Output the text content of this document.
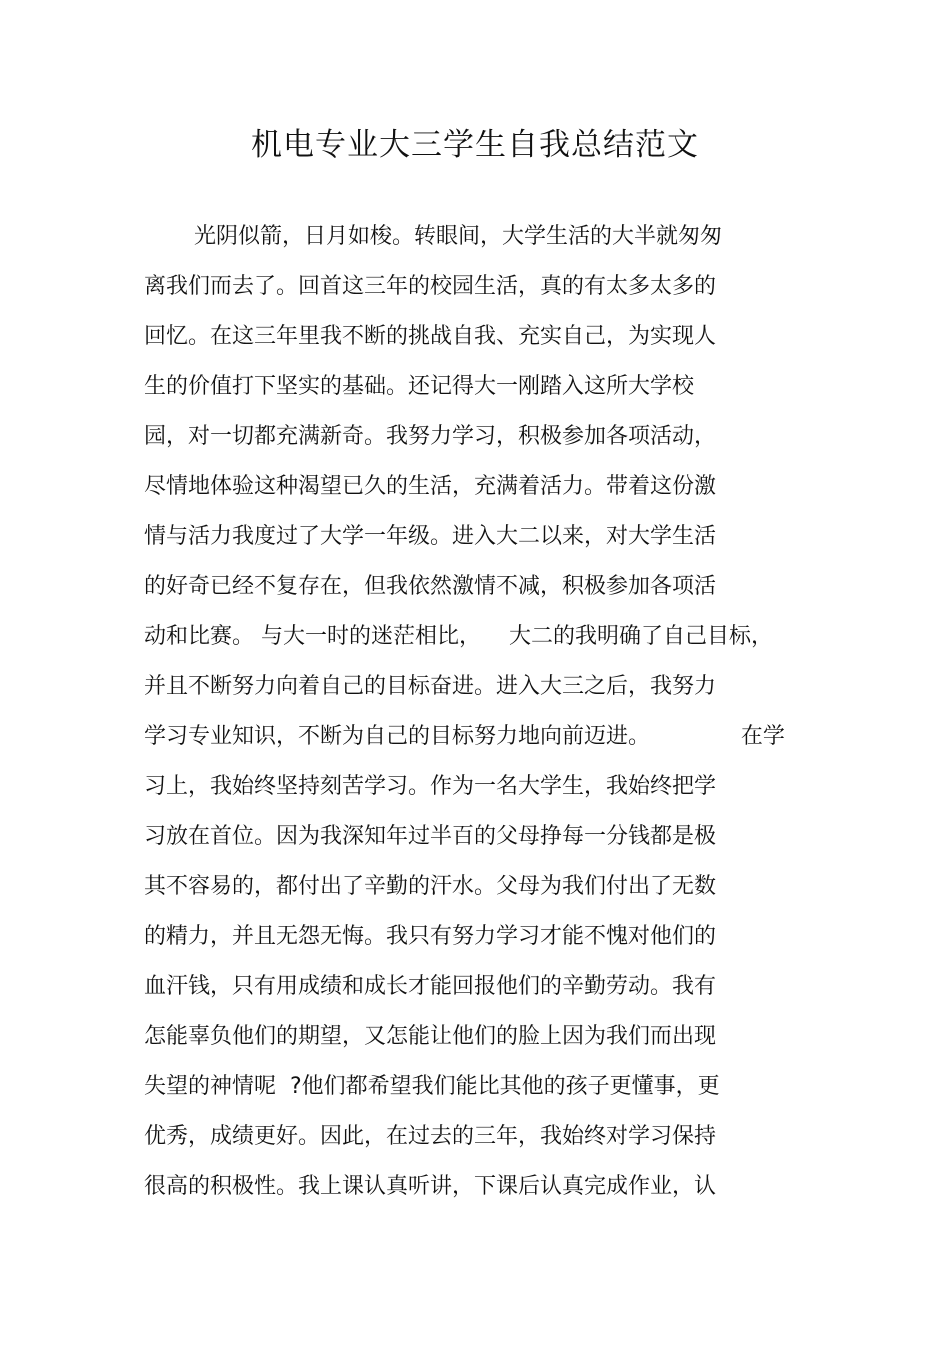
机电专业大三学生自我总结范文
光阴似箭，日月如梭。转眼间，大学生活的大半就匆匆
离我们而去了。回首这三年的校园生活，真的有太多太多的
回忆。在这三年里我不断的挑战自我、充实自己，为实现人
生的价值打下坚实的基础。还记得大一刚踏入这所大学校
园，对一切都充满新奇。我努力学习，积极参加各项活动，
尽情地体验这种渴望已久的生活，充满着活力。带着这份激
情与活力我度过了大学一年级。进入大二以来，对大学生活
的好奇已经不复存在，但我依然激情不减，积极参加各项活
动和比赛。 与大一时的迷茫相比，    大二的我明确了自己目标，
并且不断努力向着自己的目标奋进。进入大三之后，我努力
学习专业知识，不断为自己的目标努力地向前迈进。             在学
习上，我始终坚持刻苦学习。作为一名大学生，我始终把学
习放在首位。因为我深知年过半百的父母挣每一分钱都是极
其不容易的，都付出了辛勤的汗水。父母为我们付出了无数
的精力，并且无怨无悔。我只有努力学习才能不愧对他们的
血汗钱，只有用成绩和成长才能回报他们的辛勤劳动。我有
怎能辜负他们的期望，又怎能让他们的脸上因为我们而出现
失望的神情呢  ?他们都希望我们能比其他的孩子更懂事，更
优秀，成绩更好。因此，在过去的三年，我始终对学习保持
很高的积极性。我上课认真听讲，下课后认真完成作业，认
